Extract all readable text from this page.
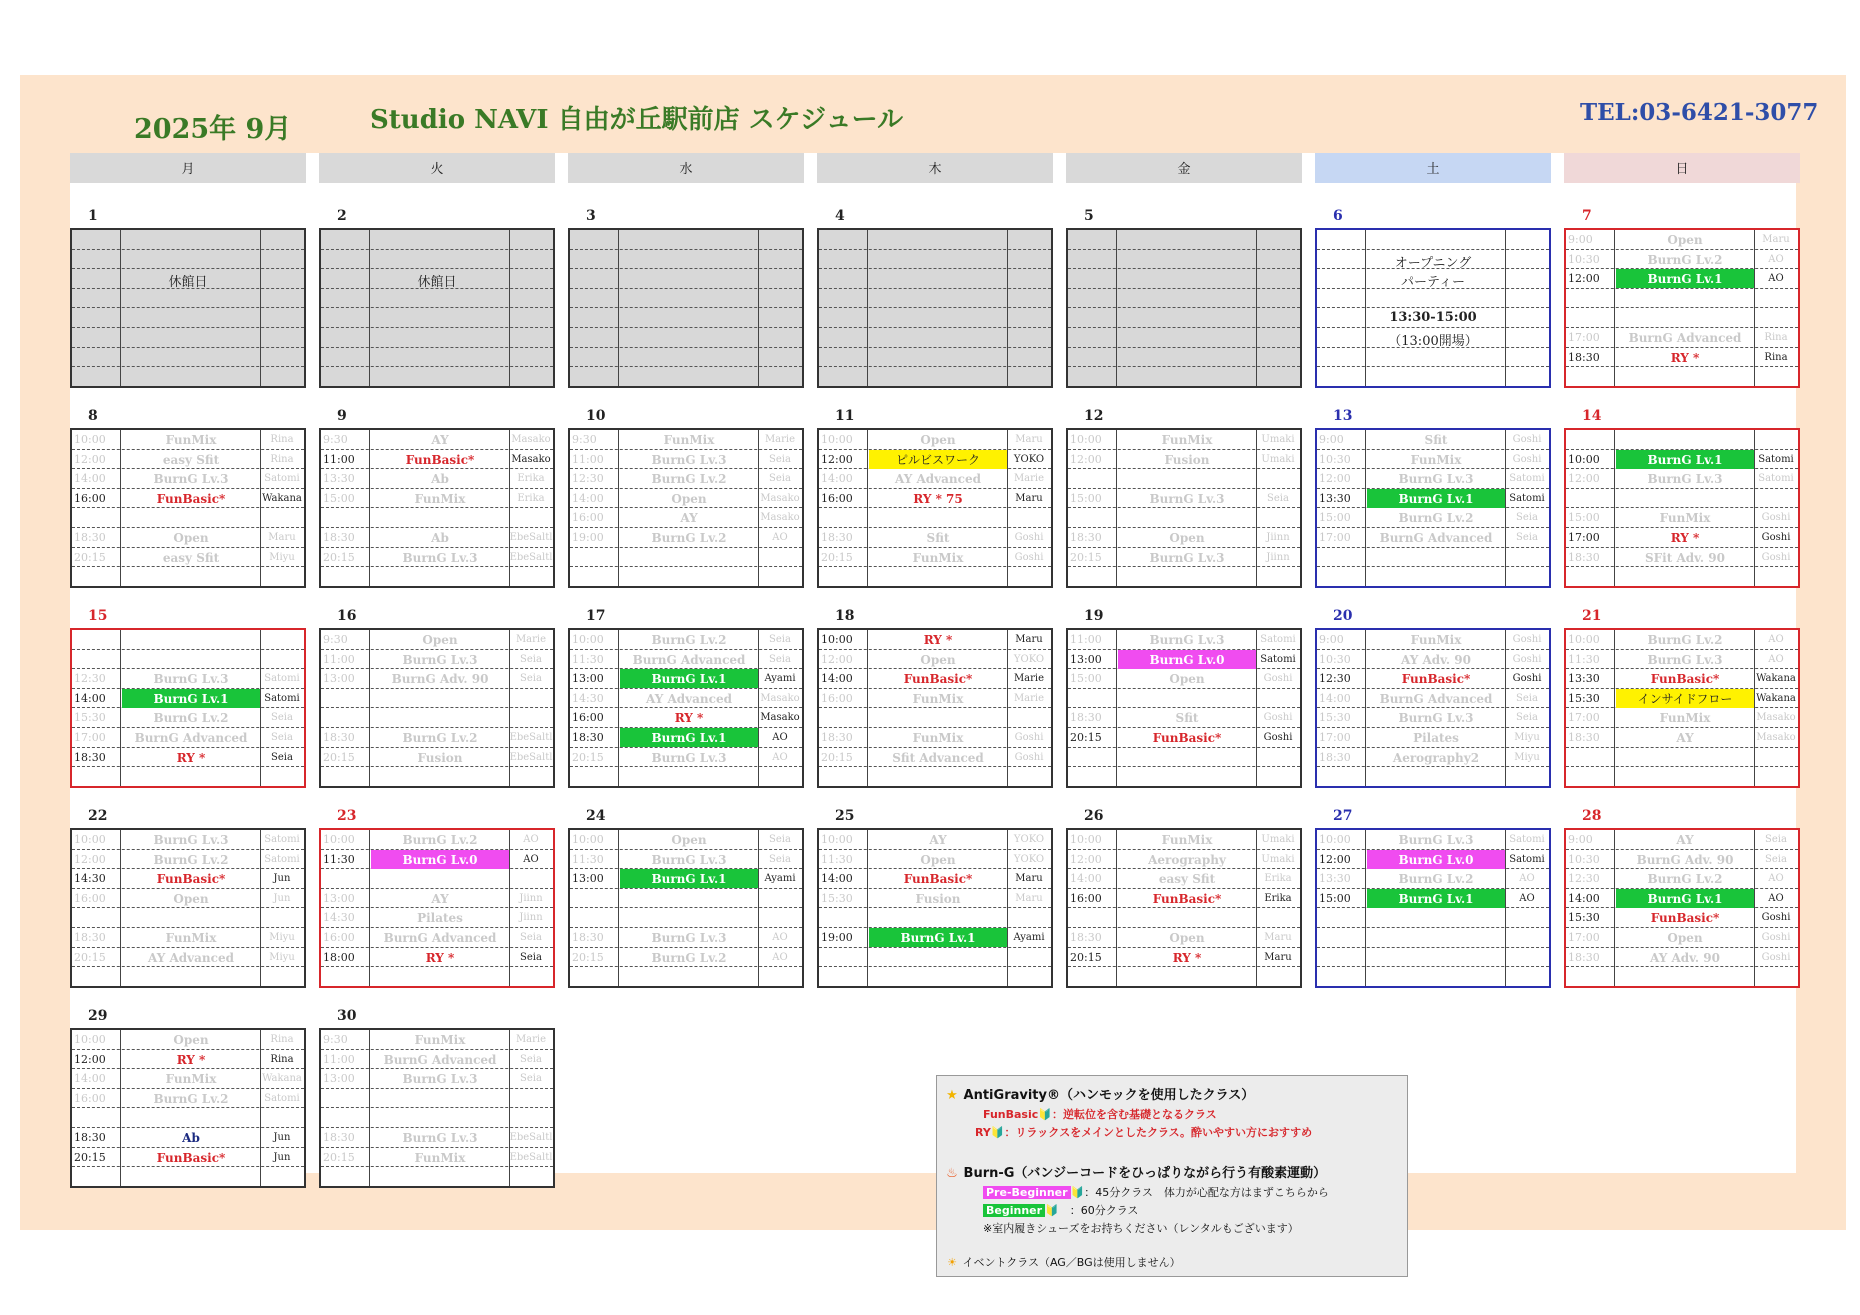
2025年 9月	Studio NAVI 自由が丘駅前店 スケジュール	TEL:03-6421-3077
月	火	水	木	金	土	日
1
休館日
2
休館日
3	4	5	6
オープニング
パーティー
13:30-15:00
（13:00開場）
7
9:00	Open	Maru
10:30	BurnG Lv.2	AO
12:00	BurnG Lv.1	AO
17:00	BurnG Advanced	Rina
18:30	RY *	Rina
8
10:00	FunMix	Rina
12:00	easy Sfit	Rina
14:00	BurnG Lv.3	Satomi
16:00	FunBasic*	Wakana
18:30	Open	Maru
20:15	easy Sfit	Miyu
9
9:30	AY	Masako
11:00	FunBasic*	Masako
13:30	Ab	Erika
15:00	FunMix	Erika
18:30	Ab	EbeSaltl
20:15	BurnG Lv.3	EbeSaltl
10
9:30	FunMix	Marie
11:00	BurnG Lv.3	Seia
12:30	BurnG Lv.2	Seia
14:00	Open	Masako
16:00	AY	Masako
19:00	BurnG Lv.2	AO
11
10:00	Open	Maru
12:00	ピルビスワーク	YOKO
14:00	AY Advanced	Marie
16:00	RY * 75	Maru
18:30	Sfit	Goshi
20:15	FunMix	Goshi
12
10:00	FunMix	Umaki
12:00	Fusion	Umaki
15:00	BurnG Lv.3	Seia
18:30	Open	Jiinn
20:15	BurnG Lv.3	Jiinn
13
9:00	Sfit	Goshi
10:30	FunMix	Goshi
12:00	BurnG Lv.3	Satomi
13:30	BurnG Lv.1	Satomi
15:00	BurnG Lv.2	Seia
17:00	BurnG Advanced	Seia
14
10:00	BurnG Lv.1	Satomi
12:00	BurnG Lv.3	Satomi
15:00	FunMix	Goshi
17:00	RY *	Goshi
18:30	SFit Adv. 90	Goshi
15
12:30	BurnG Lv.3	Satomi
14:00	BurnG Lv.1	Satomi
15:30	BurnG Lv.2	Seia
17:00	BurnG Advanced	Seia
18:30	RY *	Seia
16
9:30	Open	Marie
11:00	BurnG Lv.3	Seia
13:00	BurnG Adv. 90	Seia
18:30	BurnG Lv.2	EbeSaltl
20:15	Fusion	EbeSaltl
17
10:00	BurnG Lv.2	Seia
11:30	BurnG Advanced	Seia
13:00	BurnG Lv.1	Ayami
14:30	AY Advanced	Masako
16:00	RY *	Masako
18:30	BurnG Lv.1	AO
20:15	BurnG Lv.3	AO
18
10:00	RY *	Maru
12:00	Open	YOKO
14:00	FunBasic*	Marie
16:00	FunMix	Marie
18:30	FunMix	Goshi
20:15	Sfit Advanced	Goshi
19
11:00	BurnG Lv.3	Satomi
13:00	BurnG Lv.0	Satomi
15:00	Open	Goshi
18:30	Sfit	Goshi
20:15	FunBasic*	Goshi
20
9:00	FunMix	Goshi
10:30	AY Adv. 90	Goshi
12:30	FunBasic*	Goshi
14:00	BurnG Advanced	Seia
15:30	BurnG Lv.3	Seia
17:00	Pilates	Miyu
18:30	Aerography2	Miyu
21
10:00	BurnG Lv.2	AO
11:30	BurnG Lv.3	AO
13:30	FunBasic*	Wakana
15:30	インサイドフロー	Wakana
17:00	FunMix	Masako
18:30	AY	Masako
22
10:00	BurnG Lv.3	Satomi
12:00	BurnG Lv.2	Satomi
14:30	FunBasic*	Jun
16:00	Open	Jun
18:30	FunMix	Miyu
20:15	AY Advanced	Miyu
23
10:00	BurnG Lv.2	AO
11:30	BurnG Lv.0	AO
13:00	AY	Jiinn
14:30	Pilates	Jiinn
16:00	BurnG Advanced	Seia
18:00	RY *	Seia
24
10:00	Open	Seia
11:30	BurnG Lv.3	Seia
13:00	BurnG Lv.1	Ayami
18:30	BurnG Lv.3	AO
20:15	BurnG Lv.2	AO
25
10:00	AY	YOKO
11:30	Open	YOKO
14:00	FunBasic*	Maru
15:30	Fusion	Maru
19:00	BurnG Lv.1	Ayami
26
10:00	FunMix	Umaki
12:00	Aerography	Umaki
14:00	easy Sfit	Erika
16:00	FunBasic*	Erika
18:30	Open	Maru
20:15	RY *	Maru
27
10:00	BurnG Lv.3	Satomi
12:00	BurnG Lv.0	Satomi
13:30	BurnG Lv.2	AO
15:00	BurnG Lv.1	AO
28
9:00	AY	Seia
10:30	BurnG Adv. 90	Seia
12:30	BurnG Lv.2	AO
14:00	BurnG Lv.1	AO
15:30	FunBasic*	Goshi
17:00	Open	Goshi
18:30	AY Adv. 90	Goshi
29
10:00	Open	Rina
12:00	RY *	Rina
14:00	FunMix	Wakana
16:00	BurnG Lv.2	Satomi
18:30	Ab	Jun
20:15	FunBasic*	Jun
30
9:30	FunMix	Marie
11:00	BurnG Advanced	Seia
13:00	BurnG Lv.3	Seia
18:30	BurnG Lv.3	EbeSaltl
20:15	FunMix	EbeSaltl
★ AntiGravity®（ハンモックを使用したクラス）
FunBasic🔰：逆転位を含む基礎となるクラス
RY🔰：リラックスをメインとしたクラス。酔いやすい方におすすめ
♨ Burn-G（バンジーコードをひっぱりながら行う有酸素運動）
Pre-Beginner 🔰：45分クラス　体力が心配な方はまずこちらから
Beginner 🔰　：60分クラス
※室内履きシューズをお持ちください（レンタルもございます）
☀ イベントクラス（AG／BGは使用しません）
